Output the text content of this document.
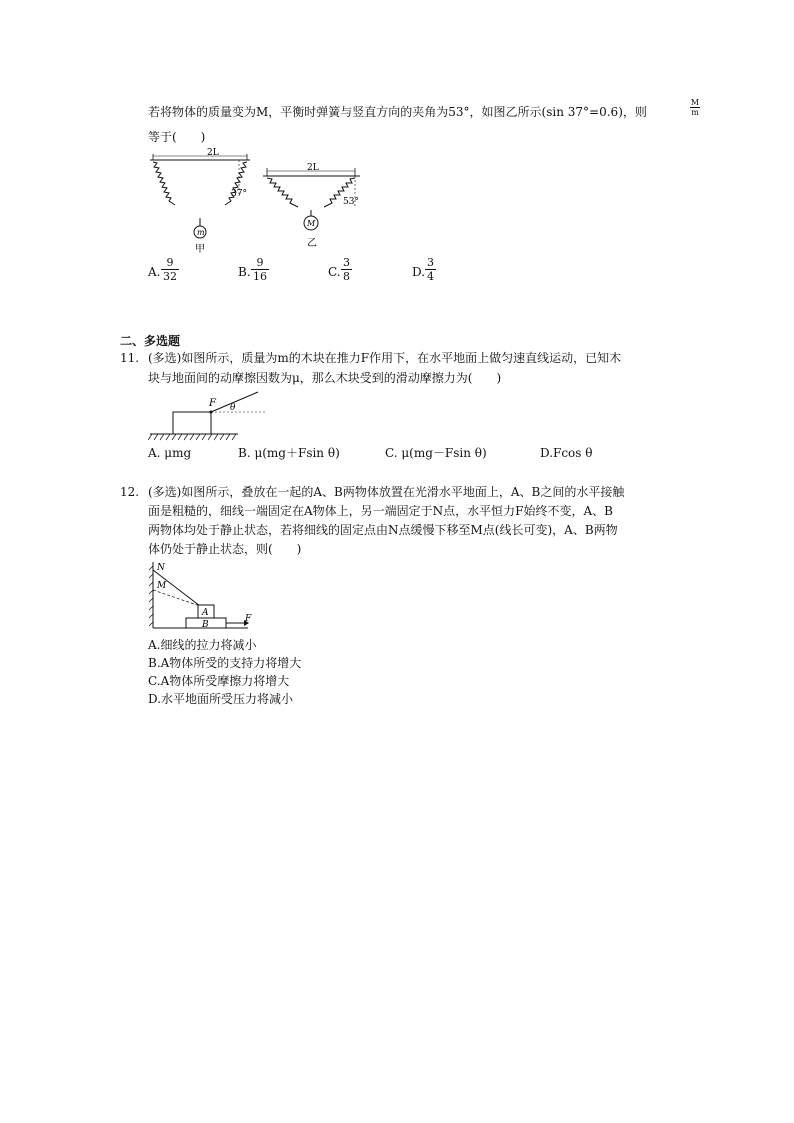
若将物体的质量变为M，平衡时弹簧与竖直方向的夹角为53°，如图乙所示(sin 37°=0.6)，则	$\frac{M}{m}$
等于(　　)
2L
37°
m
甲
2L
53°
M
乙
A. $\frac{9}{32}$	B. $\frac{9}{16}$	C. $\frac{3}{8}$	D. $\frac{3}{4}$
二、多选题
11. (多选)如图所示，质量为m的木块在推力F作用下，在水平地面上做匀速直线运动，已知木
块与地面间的动摩擦因数为μ，那么木块受到的滑动摩擦力为(　　)
F θ
A. μmg	B. μ(mg＋Fsin θ)	C. μ(mg－Fsin θ)	D.Fcos θ
12. (多选)如图所示，叠放在一起的A、B两物体放置在光滑水平地面上，A、B之间的水平接触
面是粗糙的，细线一端固定在A物体上，另一端固定于N点，水平恒力F始终不变，A、B
两物体均处于静止状态，若将细线的固定点由N点缓慢下移至M点(线长可变)，A、B两物
体仍处于静止状态，则(　　)
N
M
A
B
F
A.细线的拉力将减小
B.A物体所受的支持力将增大
C.A物体所受摩擦力将增大
D.水平地面所受压力将减小
